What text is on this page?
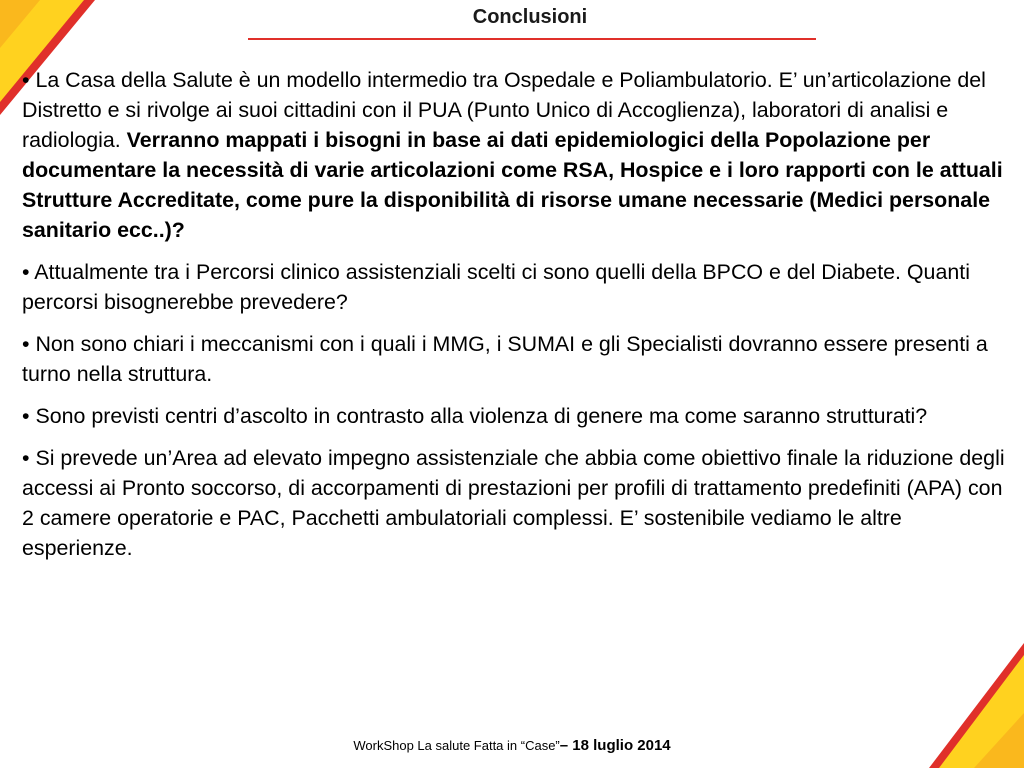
Conclusioni

• La Casa della Salute è un modello intermedio tra Ospedale e Poliambulatorio. E’ un’articolazione del Distretto e si rivolge ai suoi cittadini con il PUA (Punto Unico di Accoglienza), laboratori di analisi e radiologia. Verranno mappati i bisogni in base ai dati epidemiologici della Popolazione per documentare la necessità di varie articolazioni come RSA, Hospice e i loro rapporti con le attuali Strutture Accreditate, come pure la disponibilità di risorse umane necessarie (Medici personale sanitario ecc..)?

• Attualmente tra i Percorsi clinico assistenziali scelti ci sono quelli della BPCO e del Diabete. Quanti percorsi bisognerebbe prevedere?

• Non sono chiari i meccanismi con i quali i MMG, i SUMAI e gli Specialisti dovranno essere presenti a turno nella struttura.

• Sono previsti centri d’ascolto in contrasto alla violenza di genere ma come saranno strutturati?

• Si prevede un’Area ad elevato impegno assistenziale che abbia come obiettivo finale la riduzione degli accessi ai Pronto soccorso, di accorpamenti di prestazioni per profili di trattamento predefiniti (APA) con 2 camere operatorie e PAC, Pacchetti ambulatoriali complessi. E’ sostenibile vediamo le altre esperienze.

WorkShop La salute Fatta in “Case”– 18 luglio 2014
